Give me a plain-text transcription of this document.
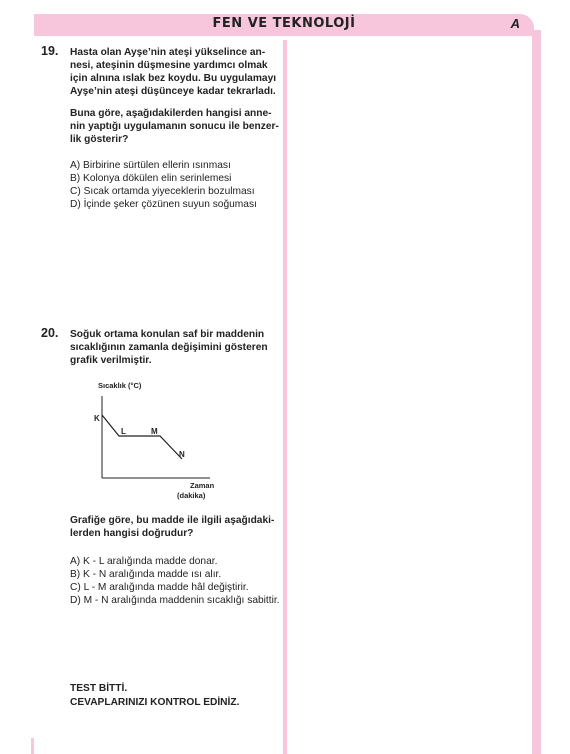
FEN VE TEKNOLOJİ	A
19. Hasta olan Ayşe’nin ateşi yükselince an-
nesi, ateşinin düşmesine yardımcı olmak
için alnına ıslak bez koydu. Bu uygulamayı
Ayşe’nin ateşi düşünceye kadar tekrarladı.
Buna göre, aşağıdakilerden hangisi anne-
nin yaptığı uygulamanın sonucu ile benzer-
lik gösterir?
A) Birbirine sürtülen ellerin ısınması
B) Kolonya dökülen elin serinlemesi
C) Sıcak ortamda yiyeceklerin bozulması
D) İçinde şeker çözünen suyun soğuması
20. Soğuk ortama konulan saf bir maddenin
sıcaklığının zamanla değişimini gösteren
grafik verilmiştir.
Sıcaklık (°C)
K
L	M
N
Zaman
(dakika)
Grafiğe göre, bu madde ile ilgili aşağıdaki-
lerden hangisi doğrudur?
A) K - L aralığında madde donar.
B) K - N aralığında madde ısı alır.
C) L - M aralığında madde hâl değiştirir.
D) M - N aralığında maddenin sıcaklığı sabittir.
TEST BİTTİ.
CEVAPLARINIZI KONTROL EDİNİZ.
